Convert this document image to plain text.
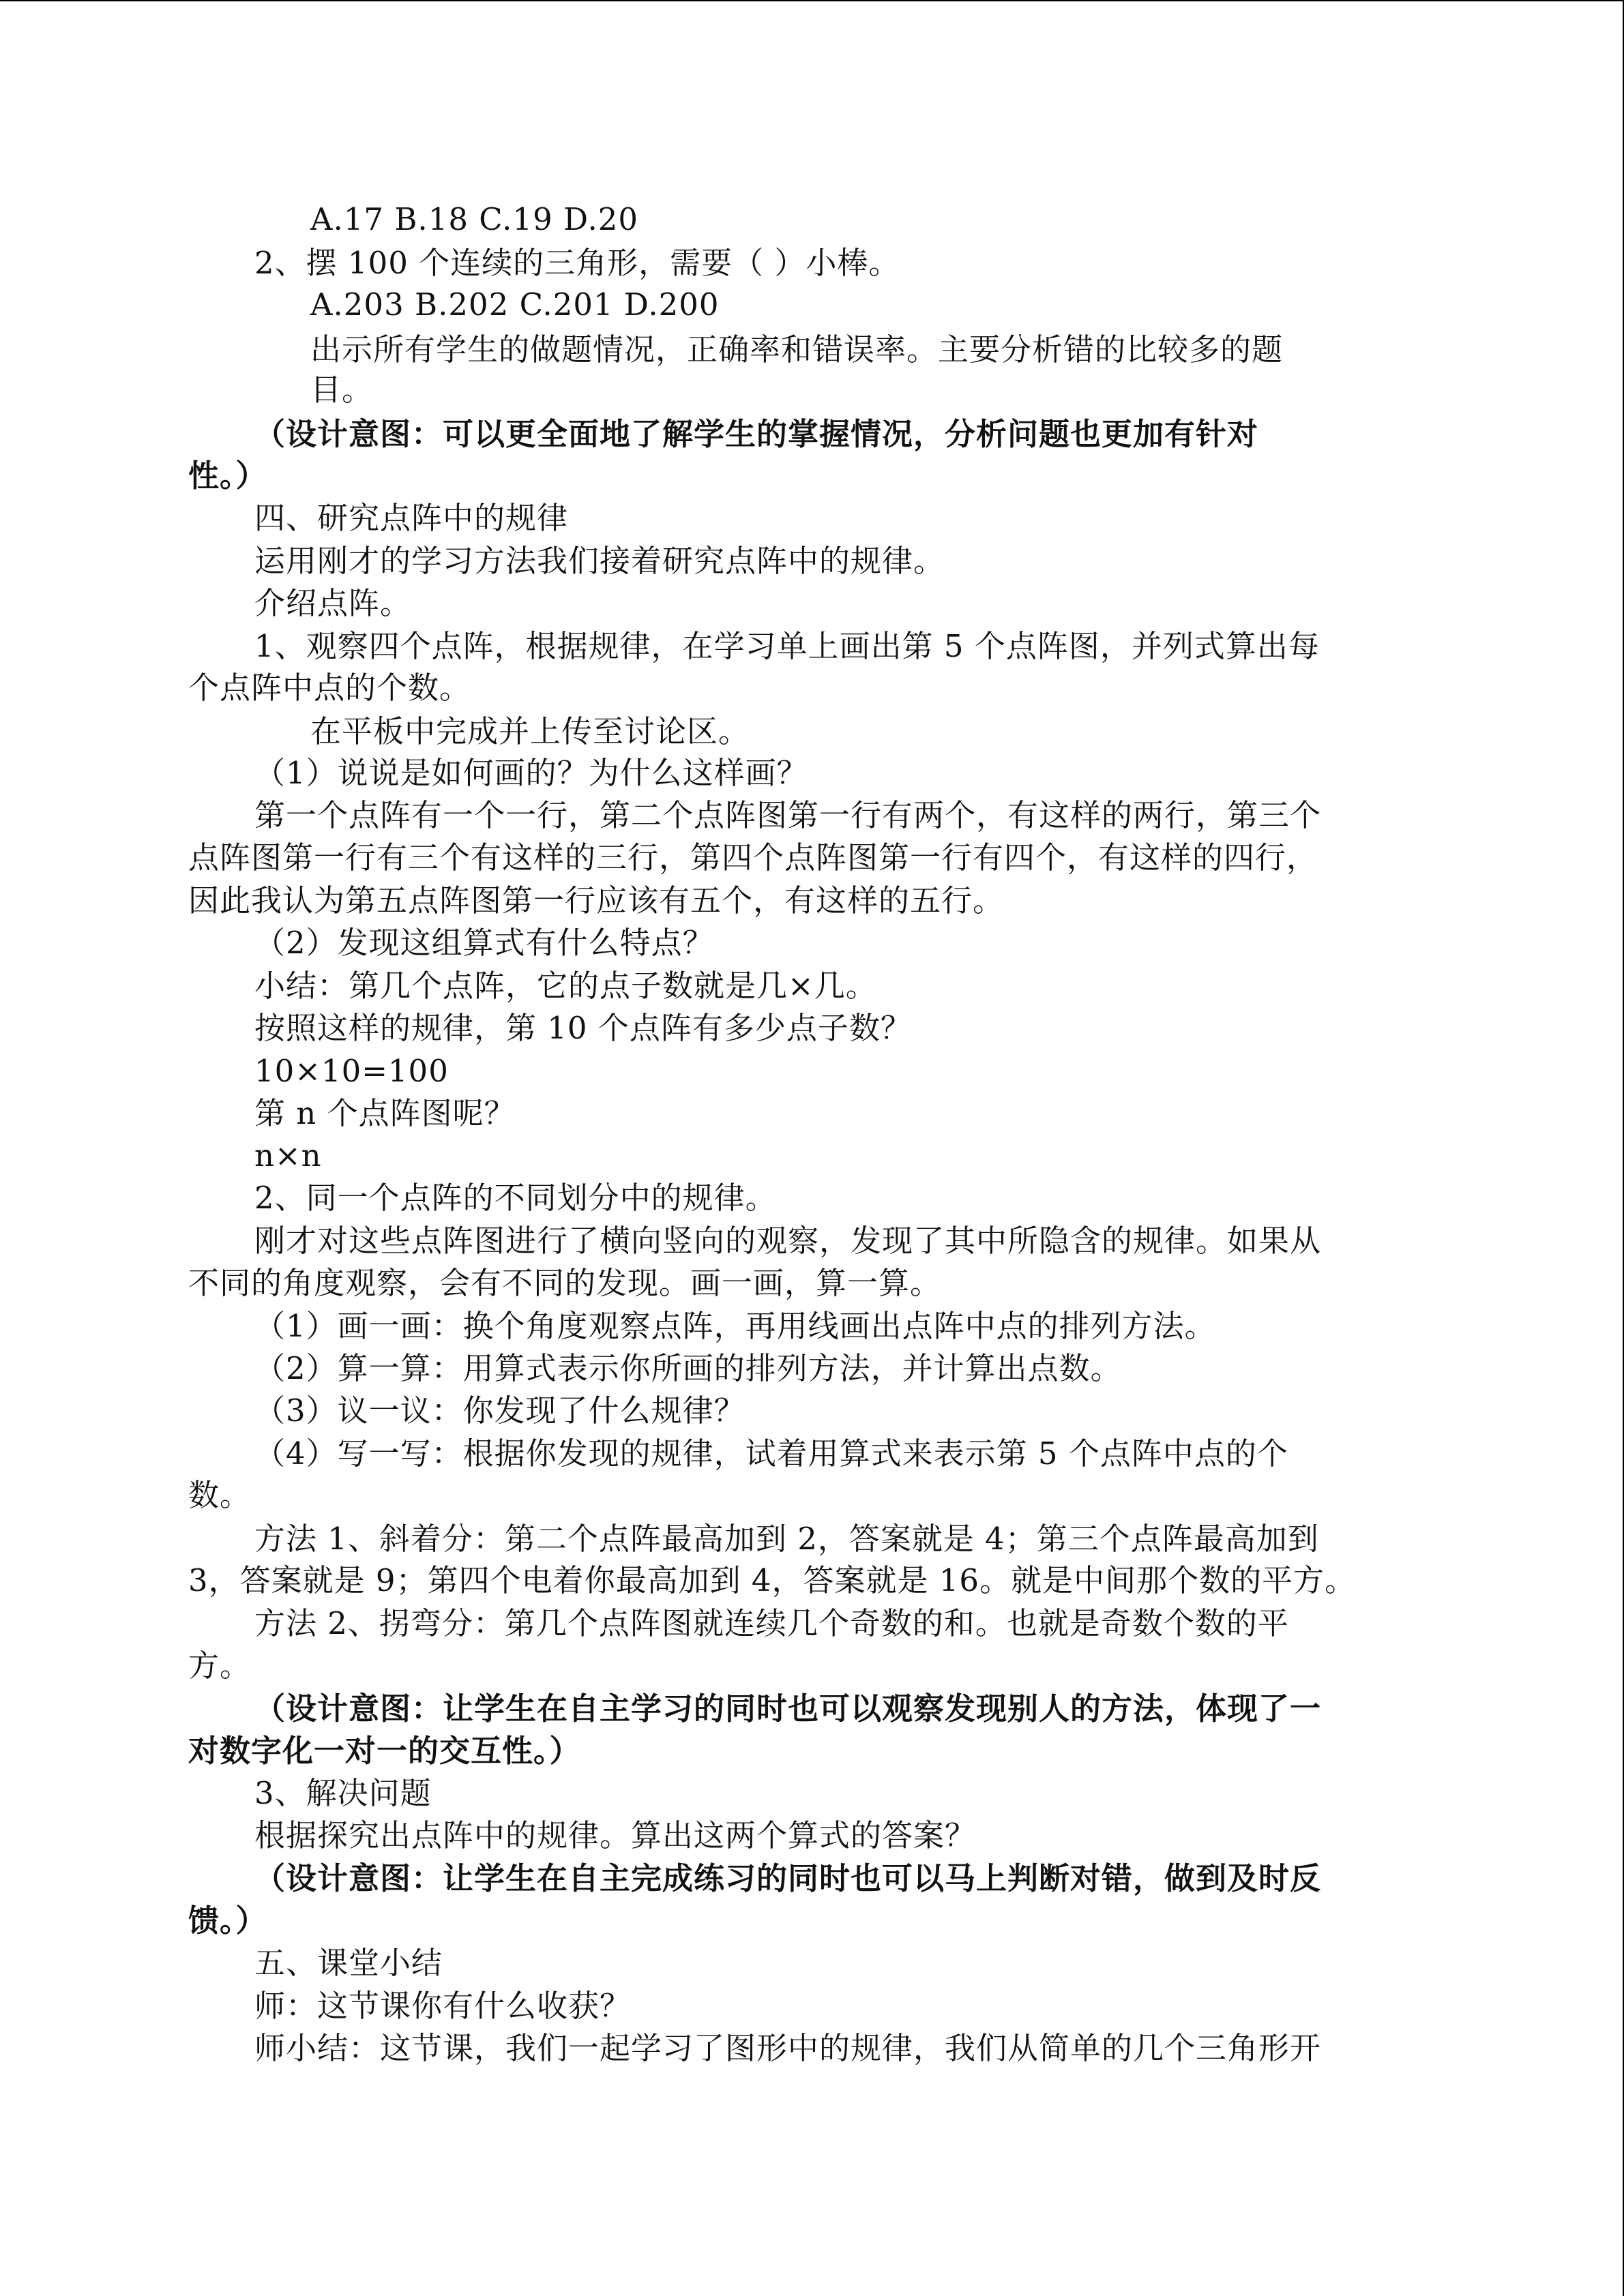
A.17 B.18 C.19 D.20
2、摆 100 个连续的三角形，需要（ ）小棒。
A.203 B.202 C.201 D.200
出示所有学生的做题情况，正确率和错误率。主要分析错的比较多的题
目。
（设计意图：可以更全面地了解学生的掌握情况，分析问题也更加有针对
性。）
四、研究点阵中的规律
运用刚才的学习方法我们接着研究点阵中的规律。
介绍点阵。
1、观察四个点阵，根据规律，在学习单上画出第 5 个点阵图，并列式算出每
个点阵中点的个数。
在平板中完成并上传至讨论区。
（1）说说是如何画的？为什么这样画？
第一个点阵有一个一行，第二个点阵图第一行有两个，有这样的两行，第三个
点阵图第一行有三个有这样的三行，第四个点阵图第一行有四个，有这样的四行，
因此我认为第五点阵图第一行应该有五个，有这样的五行。
（2）发现这组算式有什么特点？
小结：第几个点阵，它的点子数就是几×几。
按照这样的规律，第 10 个点阵有多少点子数？
10×10=100
第 n 个点阵图呢？
n×n
2、同一个点阵的不同划分中的规律。
刚才对这些点阵图进行了横向竖向的观察，发现了其中所隐含的规律。如果从
不同的角度观察，会有不同的发现。画一画，算一算。
（1）画一画：换个角度观察点阵，再用线画出点阵中点的排列方法。
（2）算一算：用算式表示你所画的排列方法，并计算出点数。
（3）议一议：你发现了什么规律？
（4）写一写：根据你发现的规律，试着用算式来表示第 5 个点阵中点的个
数。
方法 1、斜着分：第二个点阵最高加到 2，答案就是 4；第三个点阵最高加到
3，答案就是 9；第四个电着你最高加到 4，答案就是 16。就是中间那个数的平方。
方法 2、拐弯分：第几个点阵图就连续几个奇数的和。也就是奇数个数的平
方。
（设计意图：让学生在自主学习的同时也可以观察发现别人的方法，体现了一
对数字化一对一的交互性。）
3、解决问题
根据探究出点阵中的规律。算出这两个算式的答案？
（设计意图：让学生在自主完成练习的同时也可以马上判断对错，做到及时反
馈。）
五、课堂小结
师：这节课你有什么收获？
师小结：这节课，我们一起学习了图形中的规律，我们从简单的几个三角形开
